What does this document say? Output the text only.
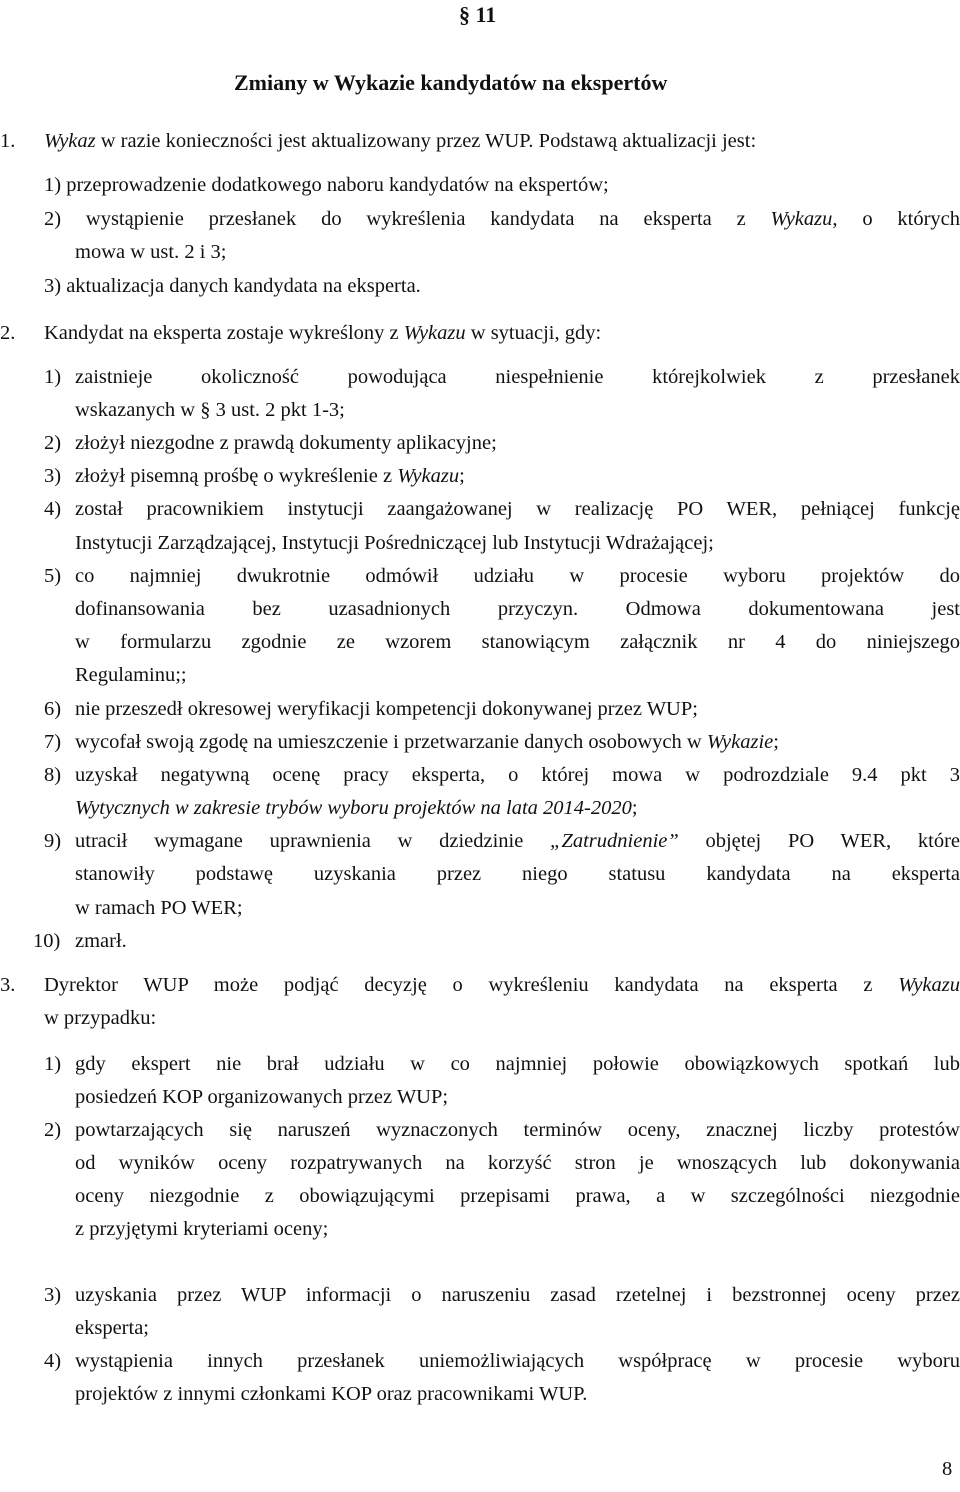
§ 11
Zmiany w Wykazie kandydatów na ekspertów
1. Wykaz w razie konieczności jest aktualizowany przez WUP. Podstawą aktualizacji jest:
1) przeprowadzenie dodatkowego naboru kandydatów na ekspertów;
2) wystąpienie przesłanek do wykreślenia kandydata na eksperta z Wykazu, o których
mowa w ust. 2 i 3;
3) aktualizacja danych kandydata na eksperta.
2. Kandydat na eksperta zostaje wykreślony z Wykazu w sytuacji, gdy:
1) zaistnieje okoliczność powodująca niespełnienie którejkolwiek z przesłanek
wskazanych w § 3 ust. 2 pkt 1-3;
2) złożył niezgodne z prawdą dokumenty aplikacyjne;
3) złożył pisemną prośbę o wykreślenie z Wykazu;
4) został pracownikiem instytucji zaangażowanej w realizację PO WER, pełniącej funkcję
Instytucji Zarządzającej, Instytucji Pośredniczącej lub Instytucji Wdrażającej;
5) co najmniej dwukrotnie odmówił udziału w procesie wyboru projektów do
dofinansowania bez uzasadnionych przyczyn. Odmowa dokumentowana jest
w formularzu zgodnie ze wzorem stanowiącym załącznik nr 4 do niniejszego
Regulaminu;;
6) nie przeszedł okresowej weryfikacji kompetencji dokonywanej przez WUP;
7) wycofał swoją zgodę na umieszczenie i przetwarzanie danych osobowych w Wykazie;
8) uzyskał negatywną ocenę pracy eksperta, o której mowa w podrozdziale 9.4 pkt 3
Wytycznych w zakresie trybów wyboru projektów na lata 2014-2020;
9) utracił wymagane uprawnienia w dziedzinie „Zatrudnienie” objętej PO WER, które
stanowiły podstawę uzyskania przez niego statusu kandydata na eksperta
w ramach PO WER;
10) zmarł.
3. Dyrektor WUP może podjąć decyzję o wykreśleniu kandydata na eksperta z Wykazu
w przypadku:
1) gdy ekspert nie brał udziału w co najmniej połowie obowiązkowych spotkań lub
posiedzeń KOP organizowanych przez WUP;
2) powtarzających się naruszeń wyznaczonych terminów oceny, znacznej liczby protestów
od wyników oceny rozpatrywanych na korzyść stron je wnoszących lub dokonywania
oceny niezgodnie z obowiązującymi przepisami prawa, a w szczególności niezgodnie
z przyjętymi kryteriami oceny;
3) uzyskania przez WUP informacji o naruszeniu zasad rzetelnej i bezstronnej oceny przez
eksperta;
4) wystąpienia innych przesłanek uniemożliwiających współpracę w procesie wyboru
projektów z innymi członkami KOP oraz pracownikami WUP.
8
